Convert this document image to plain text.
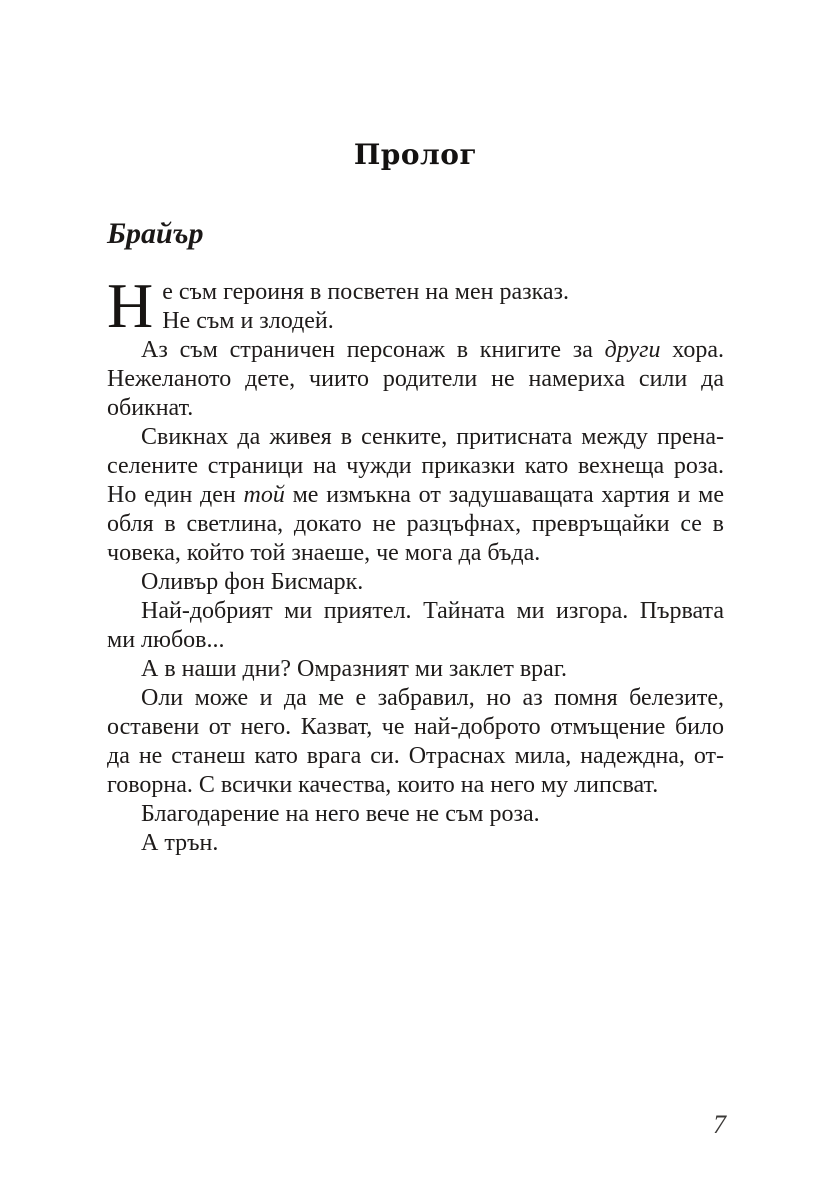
Пролог
Брайър

Не съм героиня в посветен на мен разказ.
Не съм и злодей.

Аз съм страничен персонаж в книгите за други хора. Нежеланото дете, чиито родители не намериха сили да обикнат.

Свикнах да живея в сенките, притисната между пренаселените страници на чужди приказки като вехнеща роза. Но един ден той ме измъкна от задушаващата хартия и ме обля в светлина, докато не разцъфнах, превръщайки се в човека, който той знаеше, че мога да бъда.

Оливър фон Бисмарк.

Най-добрият ми приятел. Тайната ми изгора. Първата ми любов...

А в наши дни? Омразният ми заклет враг.

Оли може и да ме е забравил, но аз помня белезите, оставени от него. Казват, че най-доброто отмъщение било да не станеш като врага си. Отраснах мила, надеждна, отговорна. С всички качества, които на него му липсват.

Благодарение на него вече не съм роза.

А трън.

7
